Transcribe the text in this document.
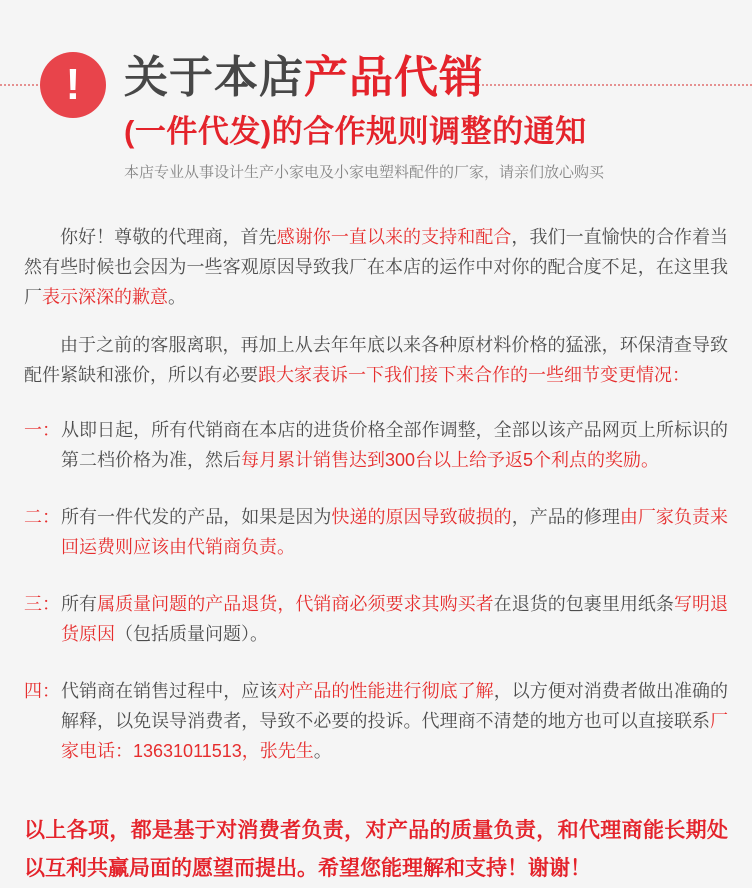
! 关于本店产品代销
(一件代发)的合作规则调整的通知
本店专业从事设计生产小家电及小家电塑料配件的厂家，请亲们放心购买

你好！尊敬的代理商，首先感谢你一直以来的支持和配合，我们一直愉快的合作着当然有些时候也会因为一些客观原因导致我厂在本店的运作中对你的配合度不足，在这里我厂表示深深的歉意。

由于之前的客服离职，再加上从去年年底以来各种原材料价格的猛涨，环保清查导致配件紧缺和涨价，所以有必要跟大家表诉一下我们接下来合作的一些细节变更情况：

一： 从即日起，所有代销商在本店的进货价格全部作调整，全部以该产品网页上所标识的第二档价格为准，然后每月累计销售达到300台以上给予返5个利点的奖励。
二： 所有一件代发的产品，如果是因为快递的原因导致破损的，产品的修理由厂家负责来回运费则应该由代销商负责。
三： 所有属质量问题的产品退货，代销商必须要求其购买者在退货的包裹里用纸条写明退货原因（包括质量问题）。
四： 代销商在销售过程中，应该对产品的性能进行彻底了解，以方便对消费者做出准确的解释，以免误导消费者，导致不必要的投诉。代理商不清楚的地方也可以直接联系厂家电话：13631011513，张先生。

以上各项，都是基于对消费者负责，对产品的质量负责，和代理商能长期处以互利共赢局面的愿望而提出。希望您能理解和支持！谢谢！
